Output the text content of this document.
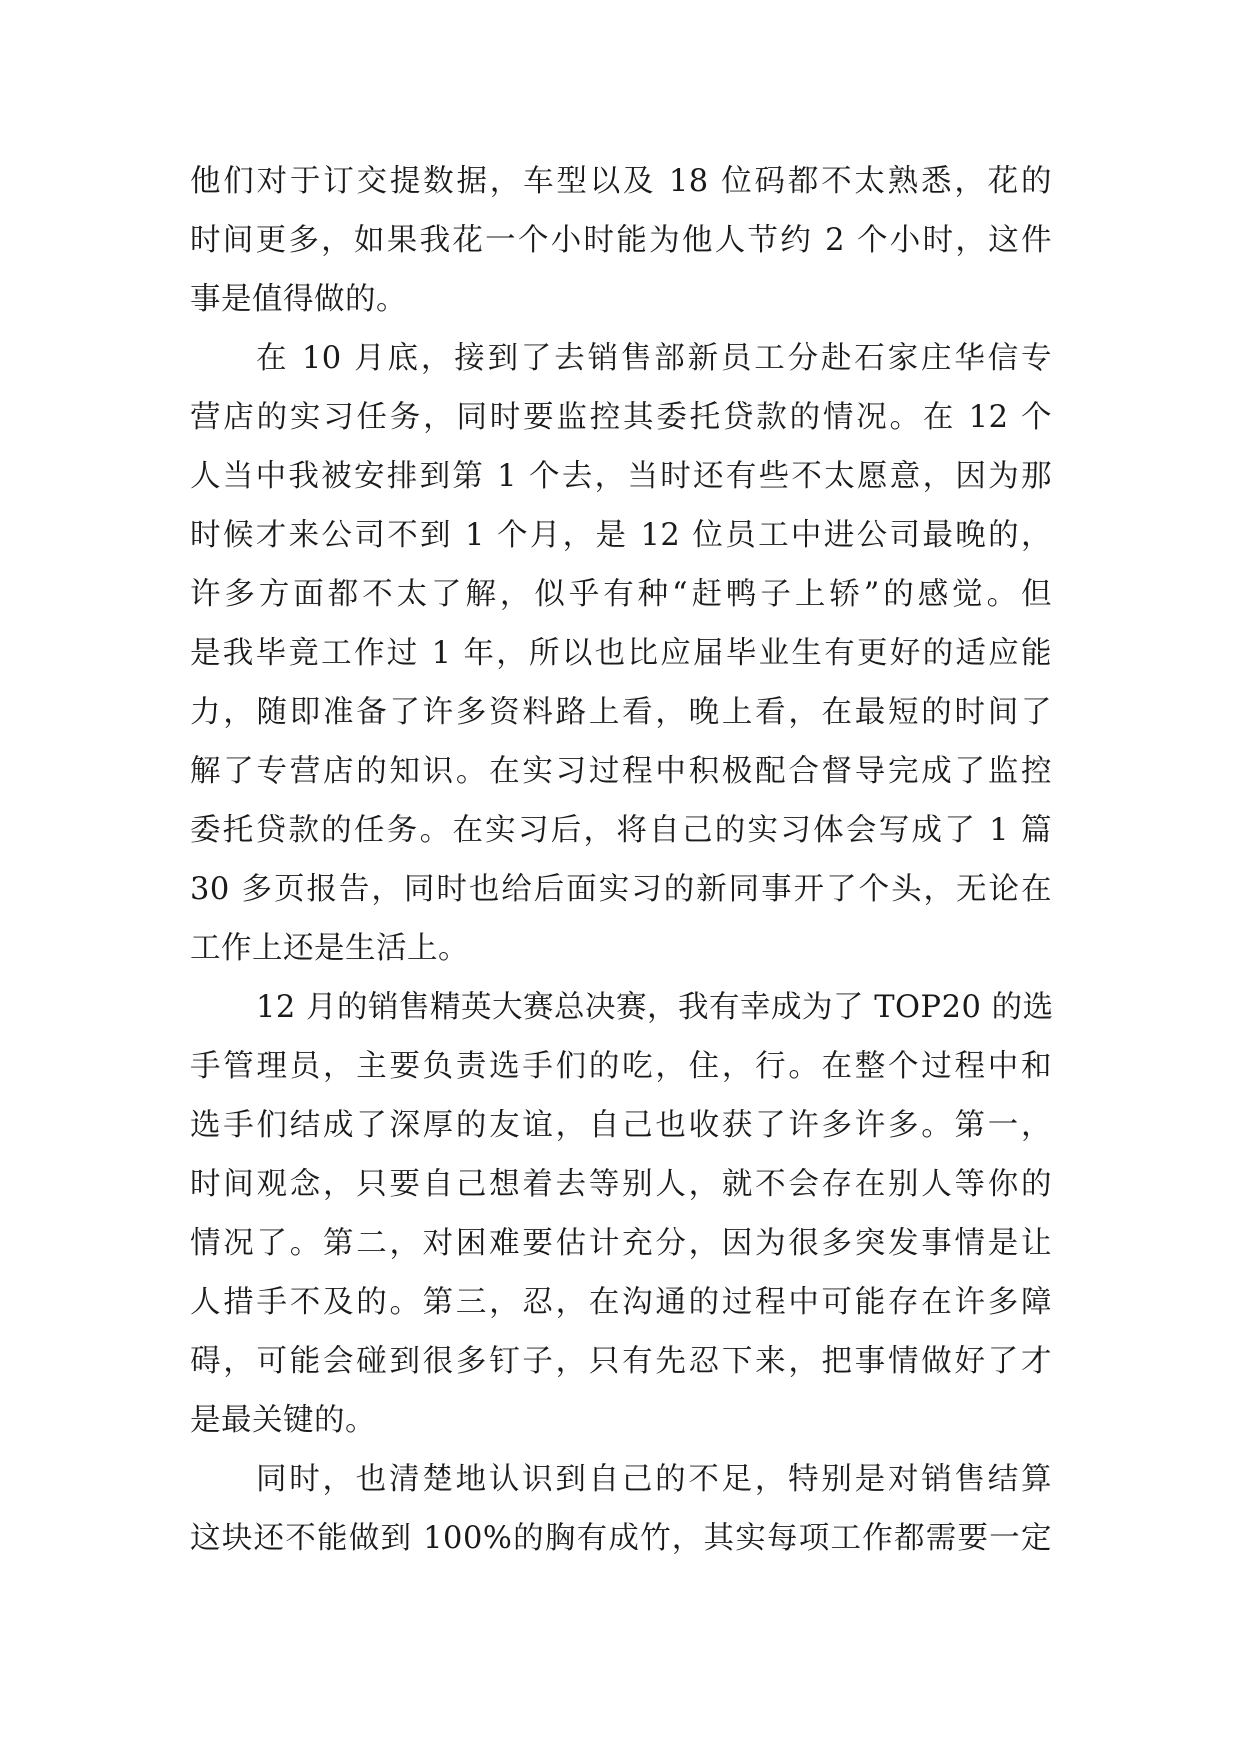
他们对于订交提数据，车型以及 18 位码都不太熟悉，花的
时间更多，如果我花一个小时能为他人节约 2 个小时，这件
事是值得做的。
在 10 月底，接到了去销售部新员工分赴石家庄华信专
营店的实习任务，同时要监控其委托贷款的情况。在 12 个
人当中我被安排到第 1 个去，当时还有些不太愿意，因为那
时候才来公司不到 1 个月，是 12 位员工中进公司最晚的，
许多方面都不太了解，似乎有种“赶鸭子上轿”的感觉。但
是我毕竟工作过 1 年，所以也比应届毕业生有更好的适应能
力，随即准备了许多资料路上看，晚上看，在最短的时间了
解了专营店的知识。在实习过程中积极配合督导完成了监控
委托贷款的任务。在实习后，将自己的实习体会写成了 1 篇
30 多页报告，同时也给后面实习的新同事开了个头，无论在
工作上还是生活上。
12 月的销售精英大赛总决赛，我有幸成为了 TOP20 的选
手管理员，主要负责选手们的吃，住，行。在整个过程中和
选手们结成了深厚的友谊，自己也收获了许多许多。第一，
时间观念，只要自己想着去等别人，就不会存在别人等你的
情况了。第二，对困难要估计充分，因为很多突发事情是让
人措手不及的。第三，忍，在沟通的过程中可能存在许多障
碍，可能会碰到很多钉子，只有先忍下来，把事情做好了才
是最关键的。
同时，也清楚地认识到自己的不足，特别是对销售结算
这块还不能做到 100%的胸有成竹，其实每项工作都需要一定
